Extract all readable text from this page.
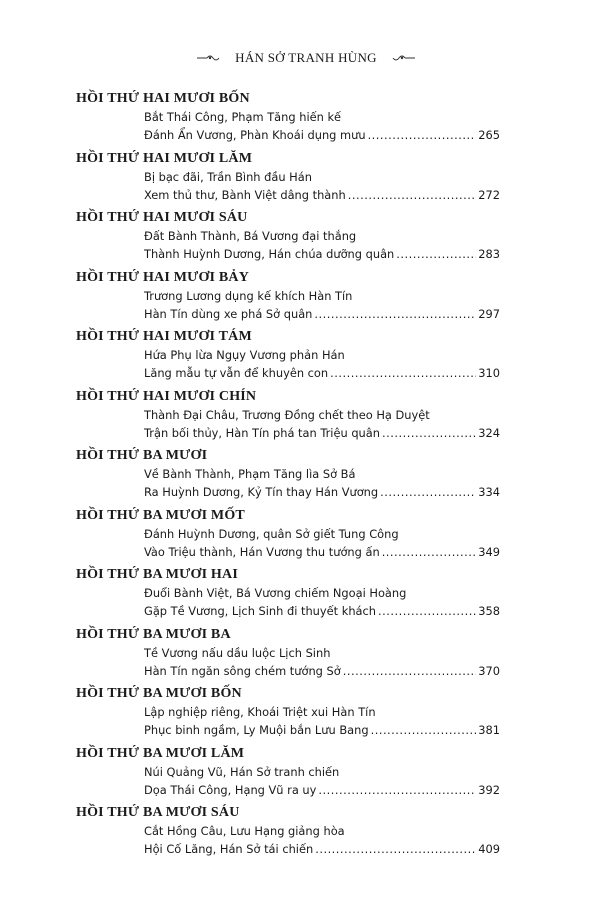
HÁN SỞ TRANH HÙNG
HỒI THỨ HAI MƯƠI BỐN
Bắt Thái Công, Phạm Tăng hiến kế
Đánh Ẩn Vương, Phàn Khoái dụng mưu .....	265
HỒI THỨ HAI MƯƠI LĂM
Bị bạc đãi, Trần Bình đầu Hán
Xem thủ thư, Bành Việt dâng thành .....	272
HỒI THỨ HAI MƯƠI SÁU
Đất Bành Thành, Bá Vương đại thắng
Thành Huỳnh Dương, Hán chúa dưỡng quân .....	283
HỒI THỨ HAI MƯƠI BẢY
Trương Lương dụng kế khích Hàn Tín
Hàn Tín dùng xe phá Sở quân .....	297
HỒI THỨ HAI MƯƠI TÁM
Hứa Phụ lừa Ngụy Vương phản Hán
Lăng mẫu tự vẫn để khuyên con .....	310
HỒI THỨ HAI MƯƠI CHÍN
Thành Đại Châu, Trương Đồng chết theo Hạ Duyệt
Trận bối thủy, Hàn Tín phá tan Triệu quân .....	324
HỒI THỨ BA MƯƠI
Về Bành Thành, Phạm Tăng lìa Sở Bá
Ra Huỳnh Dương, Kỷ Tín thay Hán Vương .....	334
HỒI THỨ BA MƯƠI MỐT
Đánh Huỳnh Dương, quân Sở giết Tung Công
Vào Triệu thành, Hán Vương thu tướng ấn .....	349
HỒI THỨ BA MƯƠI HAI
Đuổi Bành Việt, Bá Vương chiếm Ngoại Hoàng
Gặp Tề Vương, Lịch Sinh đi thuyết khách .....	358
HỒI THỨ BA MƯƠI BA
Tề Vương nấu dầu luộc Lịch Sinh
Hàn Tín ngăn sông chém tướng Sở .....	370
HỒI THỨ BA MƯƠI BỐN
Lập nghiệp riêng, Khoái Triệt xui Hàn Tín
Phục binh ngầm, Ly Muội bắn Lưu Bang .....	381
HỒI THỨ BA MƯƠI LĂM
Núi Quảng Vũ, Hán Sở tranh chiến
Dọa Thái Công, Hạng Vũ ra uy .....	392
HỒI THỨ BA MƯƠI SÁU
Cắt Hồng Câu, Lưu Hạng giảng hòa
Hội Cố Lăng, Hán Sở tái chiến .....	409
